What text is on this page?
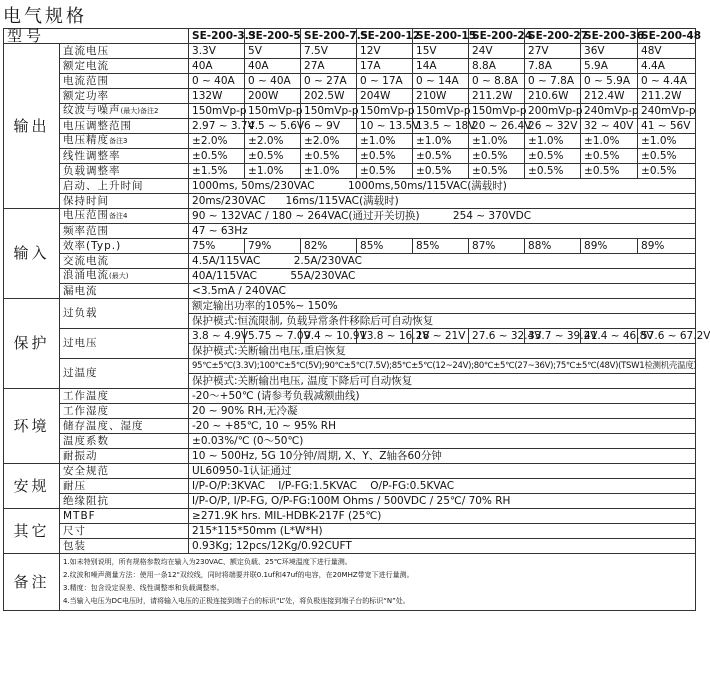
电气规格
型号		SE-200-3.3	SE-200-5	SE-200-7.5	SE-200-12	SE-200-15	SE-200-24	SE-200-27	SE-200-36	SE-200-48
输出	直流电压	3.3V	5V	7.5V	12V	15V	24V	27V	36V	48V
	额定电流	40A	40A	27A	17A	14A	8.8A	7.8A	5.9A	4.4A
	电流范围	0 ~ 40A	0 ~ 40A	0 ~ 27A	0 ~ 17A	0 ~ 14A	0 ~ 8.8A	0 ~ 7.8A	0 ~ 5.9A	0 ~ 4.4A
	额定功率	132W	200W	202.5W	204W	210W	211.2W	210.6W	212.4W	211.2W
	纹波与噪声(最大)备注2	150mVp-p	150mVp-p	150mVp-p	150mVp-p	150mVp-p	150mVp-p	200mVp-p	240mVp-p	240mVp-p
	电压调整范围	2.97 ~ 3.7V	4.5 ~ 5.6V	6 ~ 9V	10 ~ 13.5V	13.5 ~ 18V	20 ~ 26.4V	26 ~ 32V	32 ~ 40V	41 ~ 56V
	电压精度备注3	±2.0%	±2.0%	±2.0%	±1.0%	±1.0%	±1.0%	±1.0%	±1.0%	±1.0%
	线性调整率	±0.5%	±0.5%	±0.5%	±0.5%	±0.5%	±0.5%	±0.5%	±0.5%	±0.5%
	负载调整率	±1.5%	±1.0%	±1.0%	±0.5%	±0.5%	±0.5%	±0.5%	±0.5%	±0.5%
	启动、上升时间	1000ms, 50ms/230VAC          1000ms,50ms/115VAC(满载时)								
	保持时间	20ms/230VAC      16ms/115VAC(满载时)								
输入	电压范围备注4	90 ~ 132VAC / 180 ~ 264VAC(通过开关切换)          254 ~ 370VDC								
	频率范围	47 ~ 63Hz								
	效率(Typ.)	75%	79%	82%	85%	85%	87%	88%	89%	89%
	交流电流	4.5A/115VAC          2.5A/230VAC								
	浪涌电流(最大)	40A/115VAC          55A/230VAC								
	漏电流	<3.5mA / 240VAC								
保护	过负载	额定输出功率的105%~ 150%								
		保护模式:恒流限制, 负载异常条件移除后可自动恢复								
	过电压	3.8 ~ 4.9V	5.75 ~ 7.0V	9.4 ~ 10.9V	13.8 ~ 16.2V	18 ~ 21V	27.6 ~ 32.4V	33.7 ~ 39.2V	41.4 ~ 46.8V	57.6 ~ 67.2V
		保护模式:关断输出电压,重启恢复								
	过温度	95℃±5℃(3.3V);100℃±5℃(5V);90℃±5℃(7.5V);85℃±5℃(12~24V);80℃±5℃(27~36V);75℃±5℃(48V)(TSW1检测机壳温度)								
		保护模式:关断输出电压, 温度下降后可自动恢复								
环境	工作温度	-20～+50℃ (请参考负载减额曲线)								
	工作湿度	20 ~ 90% RH,无冷凝								
	储存温度、湿度	-20 ~ +85℃, 10 ~ 95% RH								
	温度系数	±0.03%/℃ (0～50℃)								
	耐振动	10 ~ 500Hz, 5G 10分钟/周期, X、Y、Z轴各60分钟								
安规	安全规范	UL60950-1认证通过								
	耐压	I/P-O/P:3KVAC    I/P-FG:1.5KVAC    O/P-FG:0.5KVAC								
	绝缘阻抗	I/P-O/P, I/P-FG, O/P-FG:100M Ohms / 500VDC / 25℃/ 70% RH								
其它	MTBF	≥271.9K hrs. MIL-HDBK-217F (25℃)								
	尺寸	215*115*50mm (L*W*H)								
	包装	0.93Kg; 12pcs/12Kg/0.92CUFT								
备注	1.如未特别说明，所有规格参数均在输入为230VAC、额定负载、25℃环境温度下进行量测。
2.纹波和噪声测量方法：使用一条12"双绞线，同时将端要并联0.1uf和47uf的电容，在20MHZ带宽下进行量测。
3.精度：包含设定误差、线性调整率和负载调整率。
4.当输入电压为DC电压时，请将输入电压的正极连接到端子台的标识“L”处，将负极连接到端子台的标识“N”处。									
